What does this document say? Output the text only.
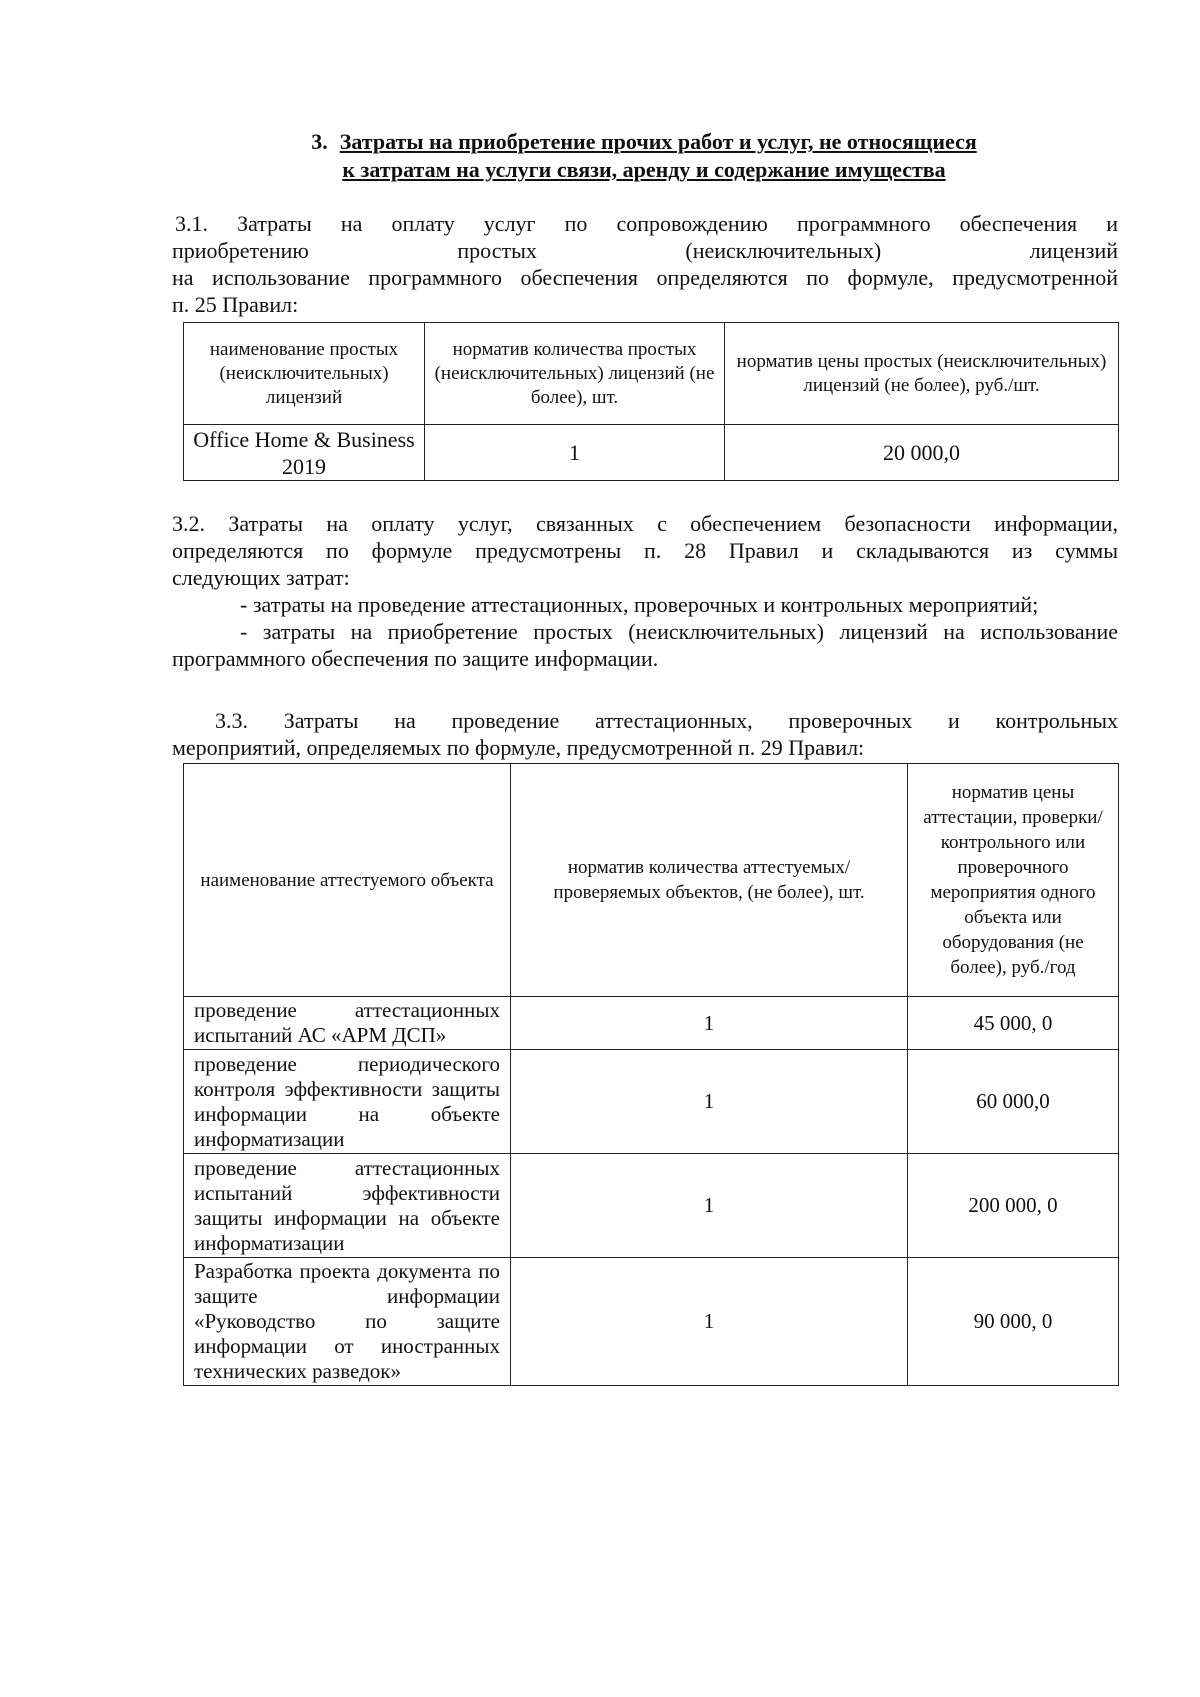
3. Затраты на приобретение прочих работ и услуг, не относящиеся
к затратам на услуги связи, аренду и содержание имущества
3.1. Затраты на оплату услуг по сопровождению программного обеспечения и
приобретению простых (неисключительных) лицензий
на использование программного обеспечения определяются по формуле, предусмотренной
п. 25 Правил:
наименование простых (неисключительных) лицензий	норматив количества простых (неисключительных) лицензий (не более), шт.	норматив цены простых (неисключительных) лицензий (не более), руб./шт.
Office Home & Business 2019	1	20 000,0
3.2. Затраты на оплату услуг, связанных с обеспечением безопасности информации,
определяются по формуле предусмотрены п. 28 Правил и складываются из суммы
следующих затрат:
- затраты на проведение аттестационных, проверочных и контрольных мероприятий;
- затраты на приобретение простых (неисключительных) лицензий на использование
программного обеспечения по защите информации.
3.3. Затраты на проведение аттестационных, проверочных и контрольных
мероприятий, определяемых по формуле, предусмотренной п. 29 Правил:
наименование аттестуемого объекта	норматив количества аттестуемых/ проверяемых объектов, (не более), шт.	норматив цены аттестации, проверки/ контрольного или проверочного мероприятия одного объекта или оборудования (не более), руб./год
проведение аттестационных испытаний АС «АРМ ДСП»	1	45 000, 0
проведение периодического контроля эффективности защиты информации на объекте информатизации	1	60 000,0
проведение аттестационных испытаний эффективности защиты информации на объекте информатизации	1	200 000, 0
Разработка проекта документа по защите информации «Руководство по защите информации от иностранных технических разведок»	1	90 000, 0
